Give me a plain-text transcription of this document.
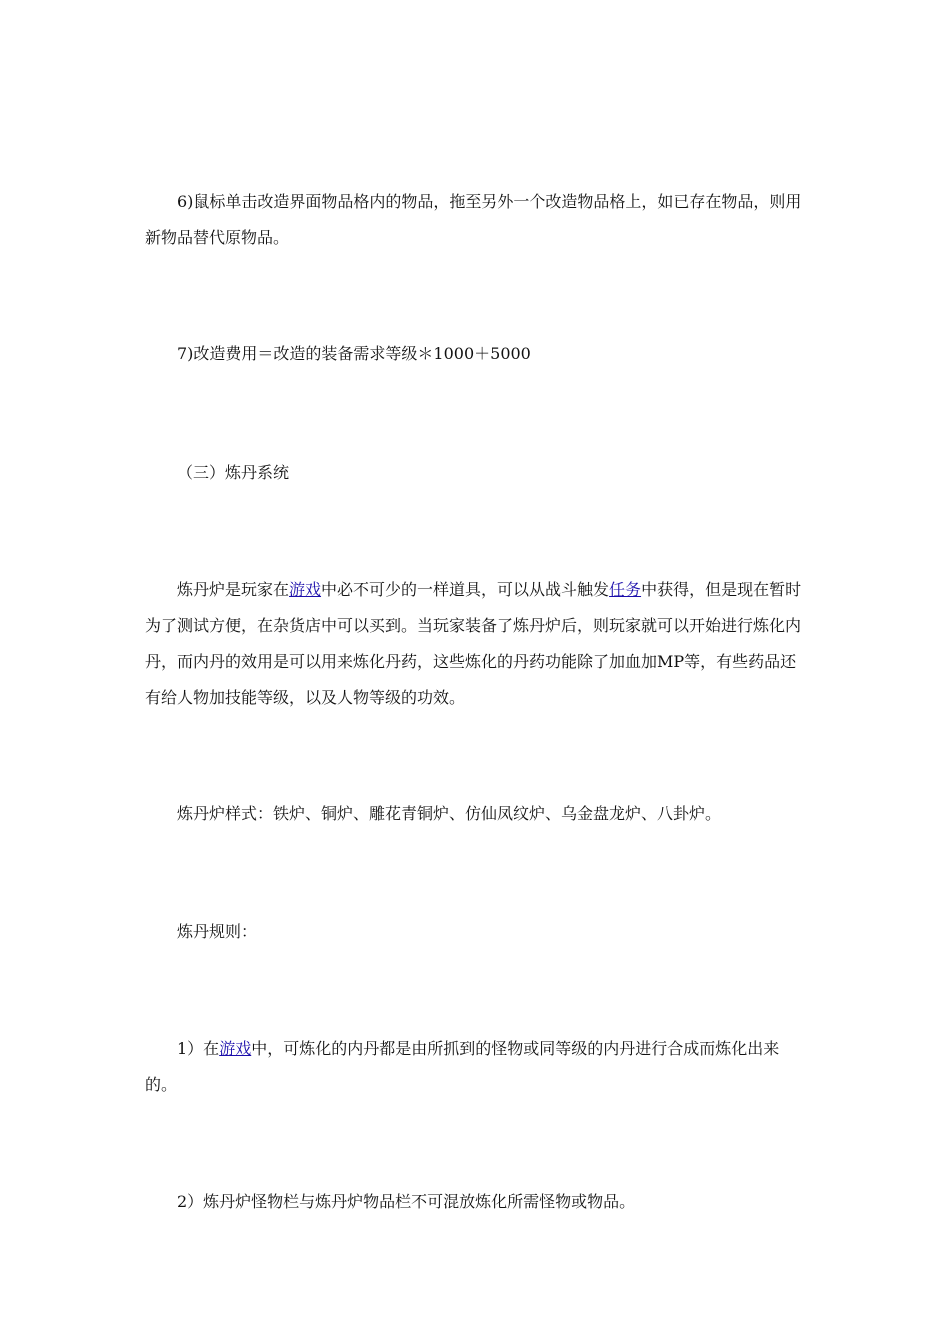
6)鼠标单击改造界面物品格内的物品，拖至另外一个改造物品格上，如已存在物品，则用新物品替代原物品。

7)改造费用＝改造的装备需求等级＊1000＋5000

（三）炼丹系统

炼丹炉是玩家在游戏中必不可少的一样道具，可以从战斗触发任务中获得，但是现在暂时为了测试方便，在杂货店中可以买到。当玩家装备了炼丹炉后，则玩家就可以开始进行炼化内丹，而内丹的效用是可以用来炼化丹药，这些炼化的丹药功能除了加血加MP等，有些药品还有给人物加技能等级，以及人物等级的功效。

炼丹炉样式：铁炉、铜炉、雕花青铜炉、仿仙凤纹炉、乌金盘龙炉、八卦炉。

炼丹规则：

1）在游戏中，可炼化的内丹都是由所抓到的怪物或同等级的内丹进行合成而炼化出来的。

2）炼丹炉怪物栏与炼丹炉物品栏不可混放炼化所需怪物或物品。
